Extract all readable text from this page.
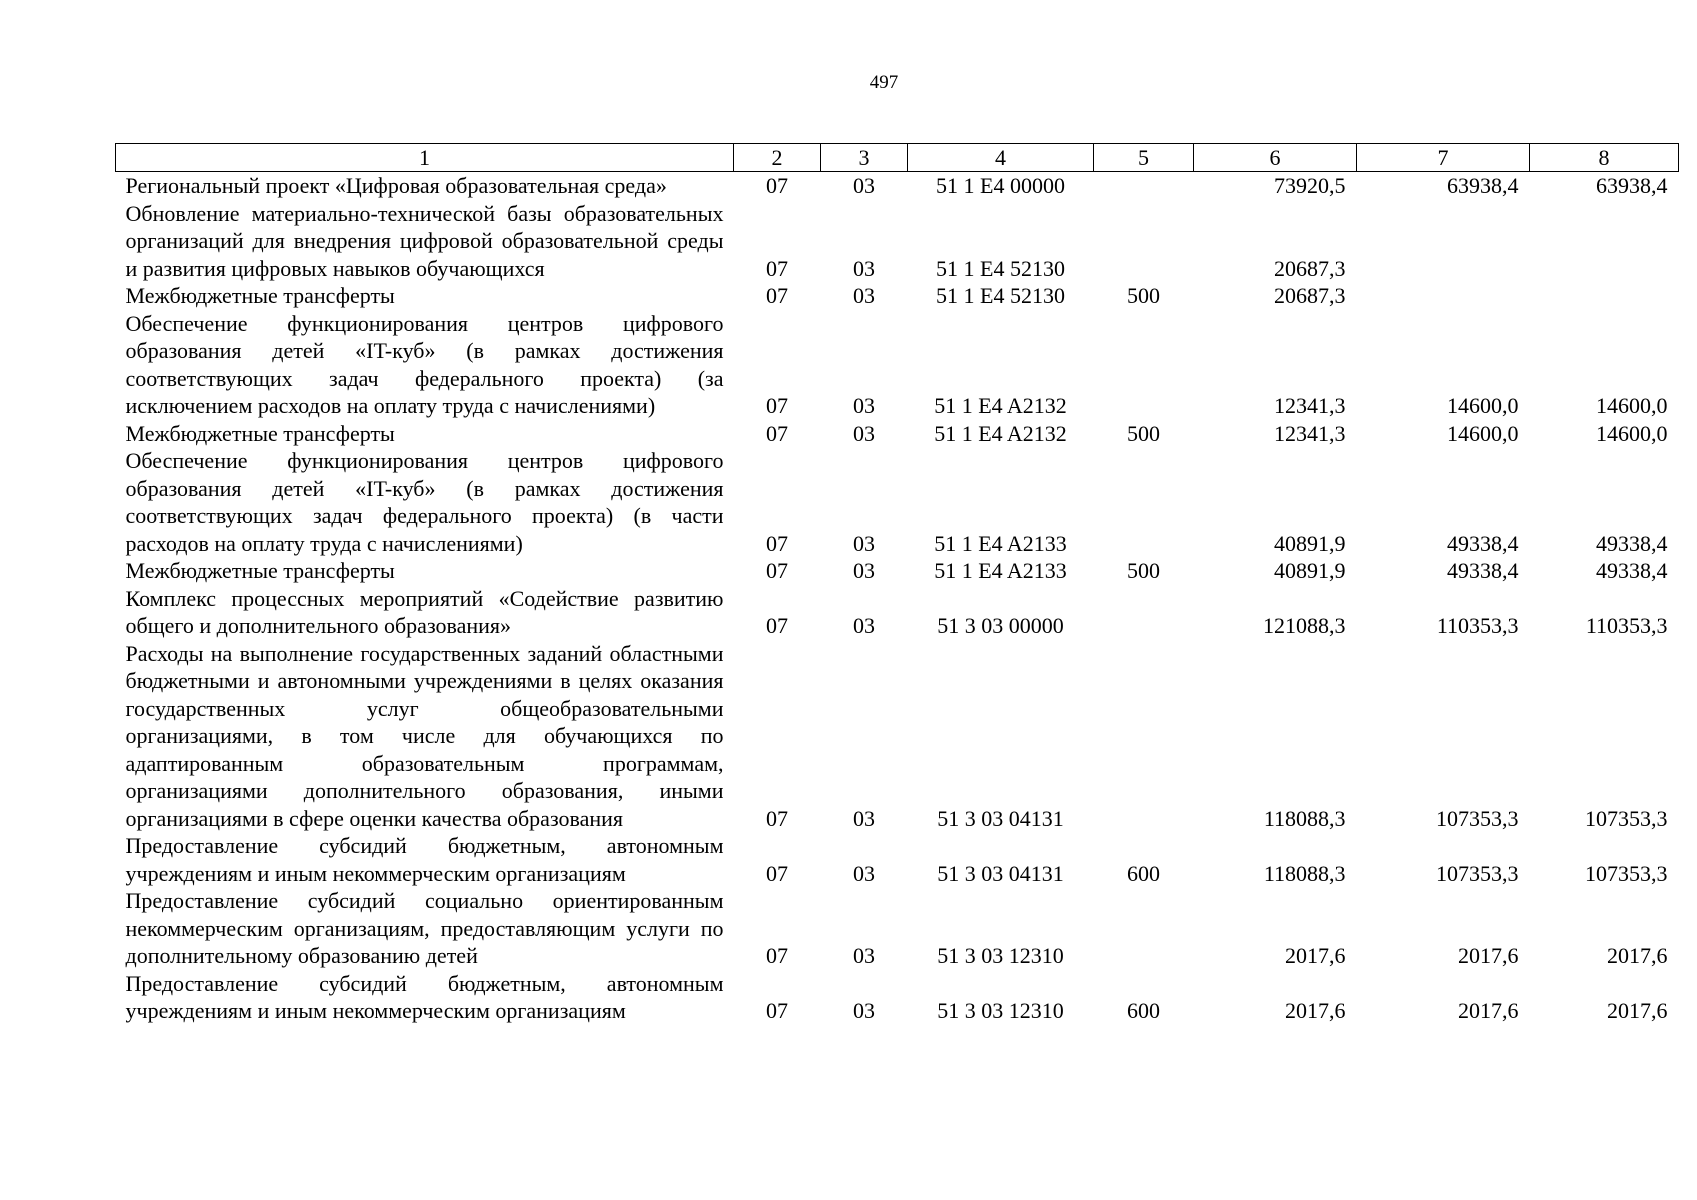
497
1	2	3	4	5	6	7	8
Региональный проект «Цифровая образовательная среда»	07	03	51 1 E4 00000		73920,5	63938,4	63938,4
Обновление материально-технической базы образовательных организаций для внедрения цифровой образовательной среды и развития цифровых навыков обучающихся	07	03	51 1 E4 52130		20687,3		
Межбюджетные трансферты	07	03	51 1 E4 52130	500	20687,3		
Обеспечение функционирования центров цифрового образования детей «IT-куб» (в рамках достижения соответствующих задач федерального проекта) (за исключением расходов на оплату труда с начислениями)	07	03	51 1 E4 A2132		12341,3	14600,0	14600,0
Межбюджетные трансферты	07	03	51 1 E4 A2132	500	12341,3	14600,0	14600,0
Обеспечение функционирования центров цифрового образования детей «IT-куб» (в рамках достижения соответствующих задач федерального проекта) (в части расходов на оплату труда с начислениями)	07	03	51 1 E4 A2133		40891,9	49338,4	49338,4
Межбюджетные трансферты	07	03	51 1 E4 A2133	500	40891,9	49338,4	49338,4
Комплекс процессных мероприятий «Содействие развитию общего и дополнительного образования»	07	03	51 3 03 00000		121088,3	110353,3	110353,3
Расходы на выполнение государственных заданий областными бюджетными и автономными учреждениями в целях оказания государственных услуг общеобразовательными организациями, в том числе для обучающихся по адаптированным образовательным программам, организациями дополнительного образования, иными организациями в сфере оценки качества образования	07	03	51 3 03 04131		118088,3	107353,3	107353,3
Предоставление субсидий бюджетным, автономным учреждениям и иным некоммерческим организациям	07	03	51 3 03 04131	600	118088,3	107353,3	107353,3
Предоставление субсидий социально ориентированным некоммерческим организациям, предоставляющим услуги по дополнительному образованию детей	07	03	51 3 03 12310		2017,6	2017,6	2017,6
Предоставление субсидий бюджетным, автономным учреждениям и иным некоммерческим организациям	07	03	51 3 03 12310	600	2017,6	2017,6	2017,6
